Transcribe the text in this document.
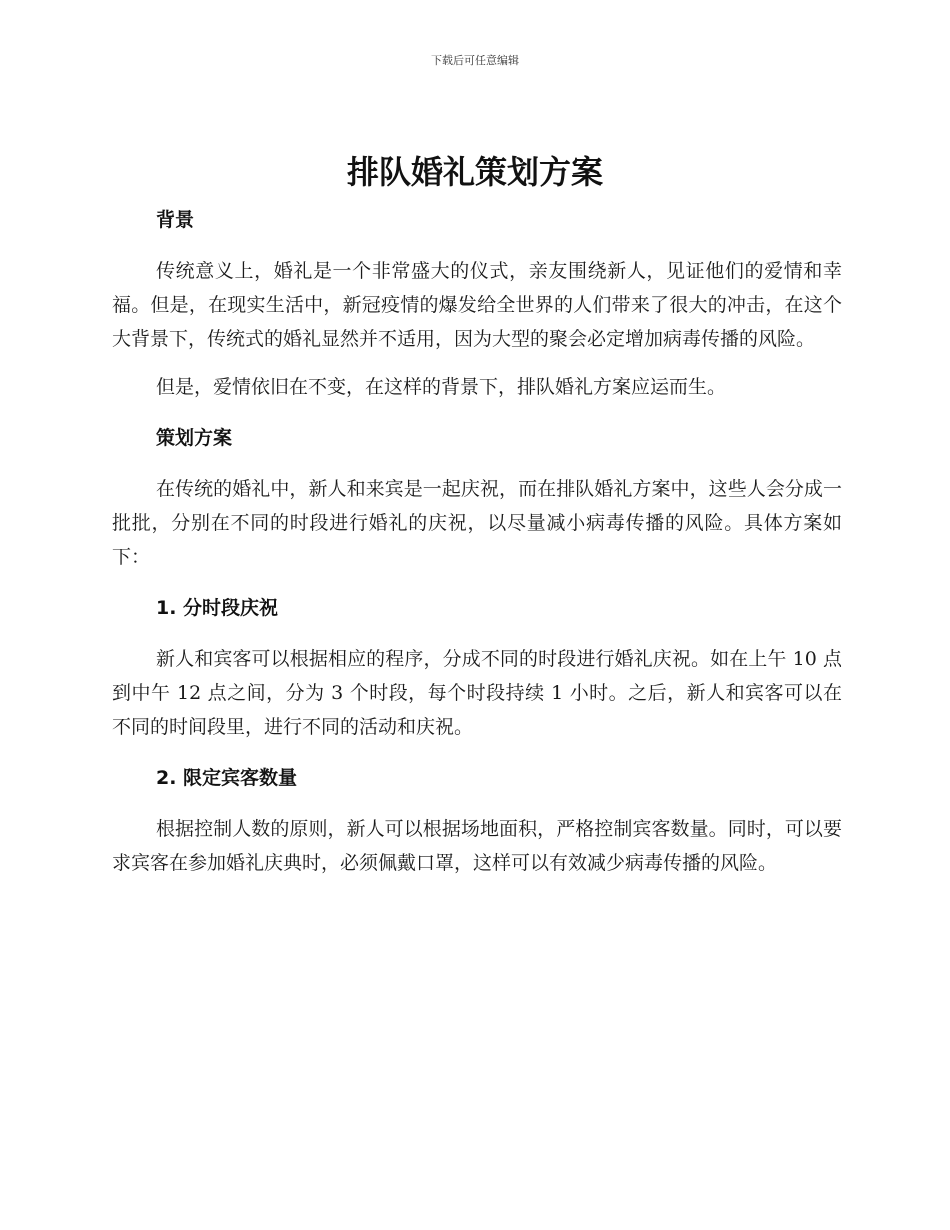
下载后可任意编辑
排队婚礼策划方案
背景

传统意义上，婚礼是一个非常盛大的仪式，亲友围绕新人，见证他们的爱情和幸福。但是，在现实生活中，新冠疫情的爆发给全世界的人们带来了很大的冲击，在这个大背景下，传统式的婚礼显然并不适用，因为大型的聚会必定增加病毒传播的风险。

但是，爱情依旧在不变，在这样的背景下，排队婚礼方案应运而生。

策划方案

在传统的婚礼中，新人和来宾是一起庆祝，而在排队婚礼方案中，这些人会分成一批批，分别在不同的时段进行婚礼的庆祝，以尽量减小病毒传播的风险。具体方案如下：

1. 分时段庆祝

新人和宾客可以根据相应的程序，分成不同的时段进行婚礼庆祝。如在上午 10 点到中午 12 点之间，分为 3 个时段，每个时段持续 1 小时。之后，新人和宾客可以在不同的时间段里，进行不同的活动和庆祝。

2. 限定宾客数量

根据控制人数的原则，新人可以根据场地面积，严格控制宾客数量。同时，可以要求宾客在参加婚礼庆典时，必须佩戴口罩，这样可以有效减少病毒传播的风险。
